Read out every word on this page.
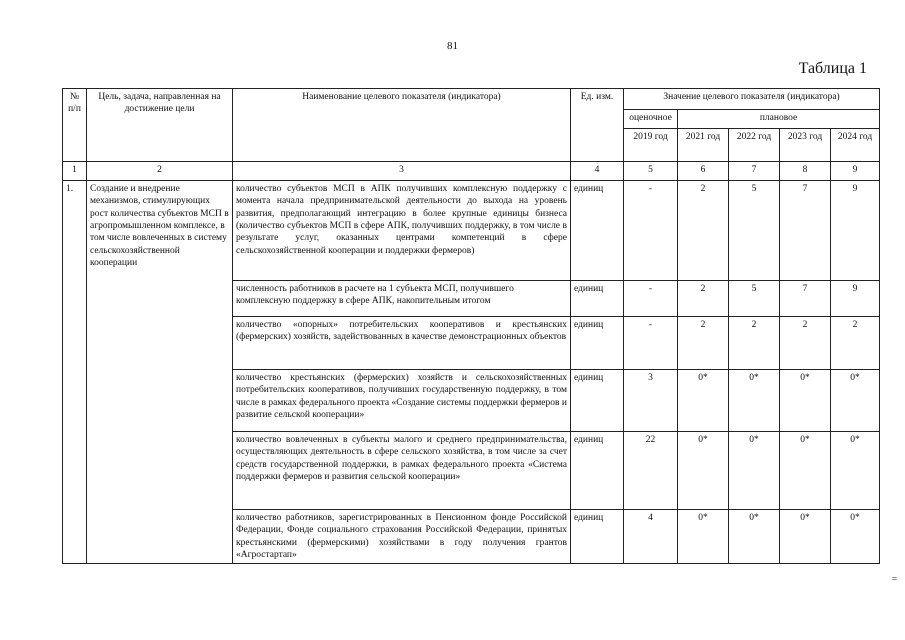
81
Таблица 1
№ п/п	Цель, задача, направленная на достижение цели	Наименование целевого показателя (индикатора)	Ед. изм.	Значение целевого показателя (индикатора)				
				оценочное	плановое			
				2019 год	2021 год	2022 год	2023 год	2024 год
1	2	3	4	5	6	7	8	9
1.	Создание и внедрение механизмов, стимулирующих рост количества субъектов МСП в агропромышленном комплексе, в том числе вовлеченных в систему сельскохозяйственной кооперации	количество субъектов МСП в АПК получивших комплексную поддержку с момента начала предпринимательской деятельности до выхода на уровень развития, предполагающий интеграцию в более крупные единицы бизнеса (количество субъектов МСП в сфере АПК, получивших поддержку, в том числе в результате услуг, оказанных центрами компетенций в сфере сельскохозяйственной кооперации и поддержки фермеров)	единиц	-	2	5	7	9
		численность работников в расчете на 1 субъекта МСП, получившего комплексную поддержку в сфере АПК, накопительным итогом	единиц	-	2	5	7	9
		количество «опорных» потребительских кооперативов и крестьянских (фермерских) хозяйств, задействованных в качестве демонстрационных объектов	единиц	-	2	2	2	2
		количество крестьянских (фермерских) хозяйств и сельскохозяйственных потребительских кооперативов, получивших государственную поддержку, в том числе в рамках федерального проекта «Создание системы поддержки фермеров и развитие сельской кооперации»	единиц	3	0*	0*	0*	0*
		количество вовлеченных в субъекты малого и среднего предпринимательства, осуществляющих деятельность в сфере сельского хозяйства, в том числе за счет средств государственной поддержки, в рамках федерального проекта «Система поддержки фермеров и развития сельской кооперации»	единиц	22	0*	0*	0*	0*
		количество работников, зарегистрированных в Пенсионном фонде Российской Федерации, Фонде социального страхования Российской Федерации, принятых крестьянскими (фермерскими) хозяйствами в году получения грантов «Агростартап»	единиц	4	0*	0*	0*	0*
=
